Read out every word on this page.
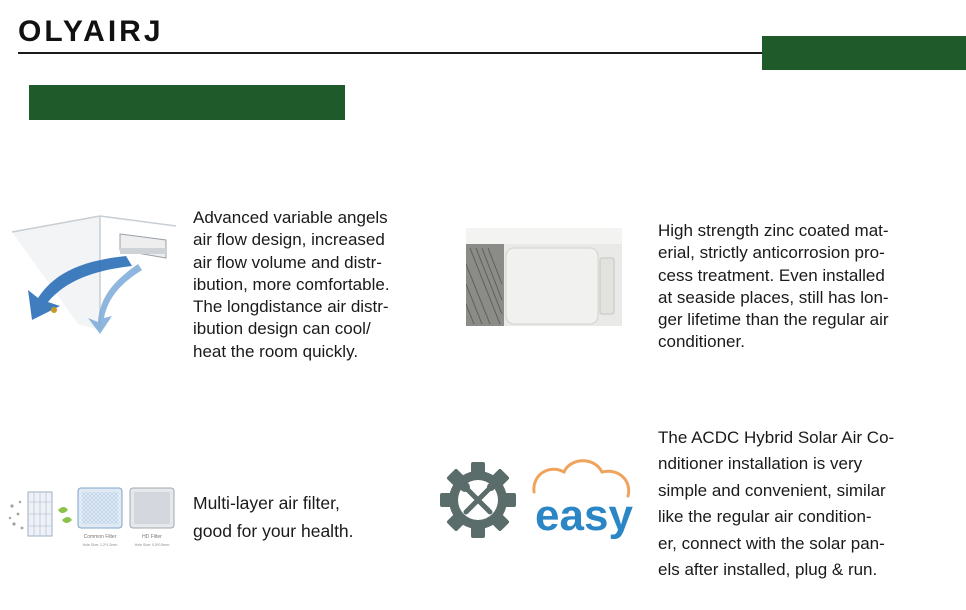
OLYAIRJ
Advanced variable angels
air flow design, increased
air flow volume and distr-
ibution, more comfortable.
The longdistance air distr-
ibution design can cool/
heat the room quickly.
High strength zinc coated mat-
erial, strictly anticorrosion pro-
cess treatment. Even installed
at seaside places, still has lon-
ger lifetime than the regular air
conditioner.
Common Filter	HD Filter
Hole Size: 1.2*1.2mm	Hole Size: 0.5*0.5mm
Multi-layer air filter,
good for your health.	easy
The ACDC Hybrid Solar Air Co-
nditioner installation is very
simple and convenient, similar
like the regular air condition-
er, connect with the solar pan-
els after installed, plug & run.
